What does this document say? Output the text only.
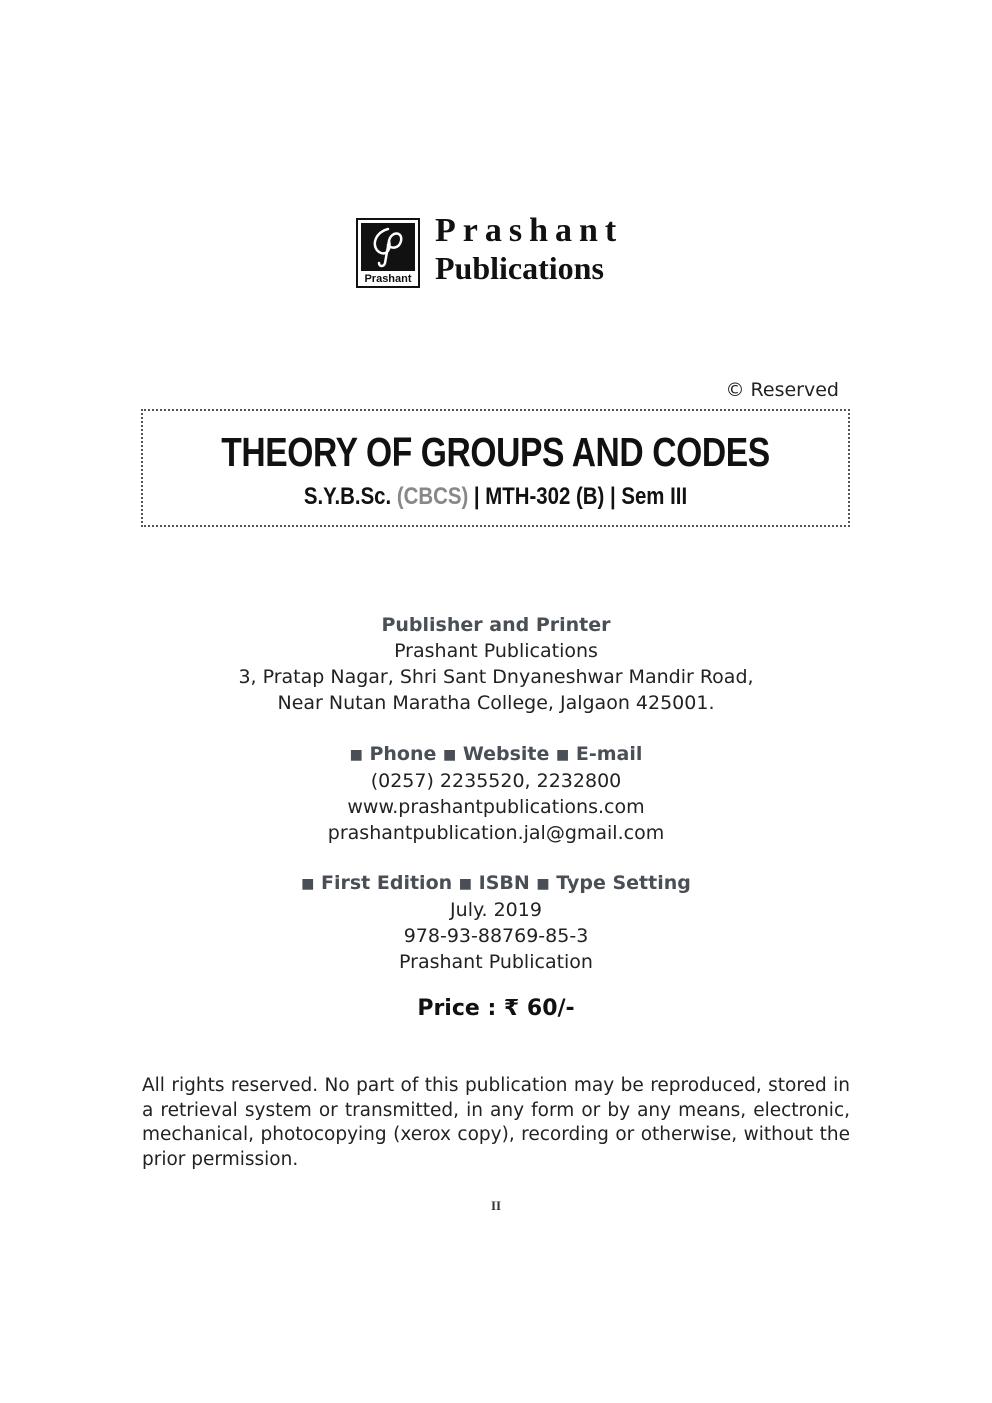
Prashant
Prashant
Publications
© Reserved
THEORY OF GROUPS AND CODES
S.Y.B.Sc. (CBCS) | MTH-302 (B) | Sem III
Publisher and Printer
Prashant Publications
3, Pratap Nagar, Shri Sant Dnyaneshwar Mandir Road,
Near Nutan Maratha College, Jalgaon 425001.
■ Phone ■ Website ■ E-mail
(0257) 2235520, 2232800
www.prashantpublications.com
prashantpublication.jal@gmail.com
■ First Edition ■ ISBN ■ Type Setting
July. 2019
978-93-88769-85-3
Prashant Publication
Price : ₹ 60/-
All rights reserved. No part of this publication may be reproduced, stored in a retrieval system or transmitted, in any form or by any means, electronic, mechanical, photocopying (xerox copy), recording or otherwise, without the prior permission.
II
